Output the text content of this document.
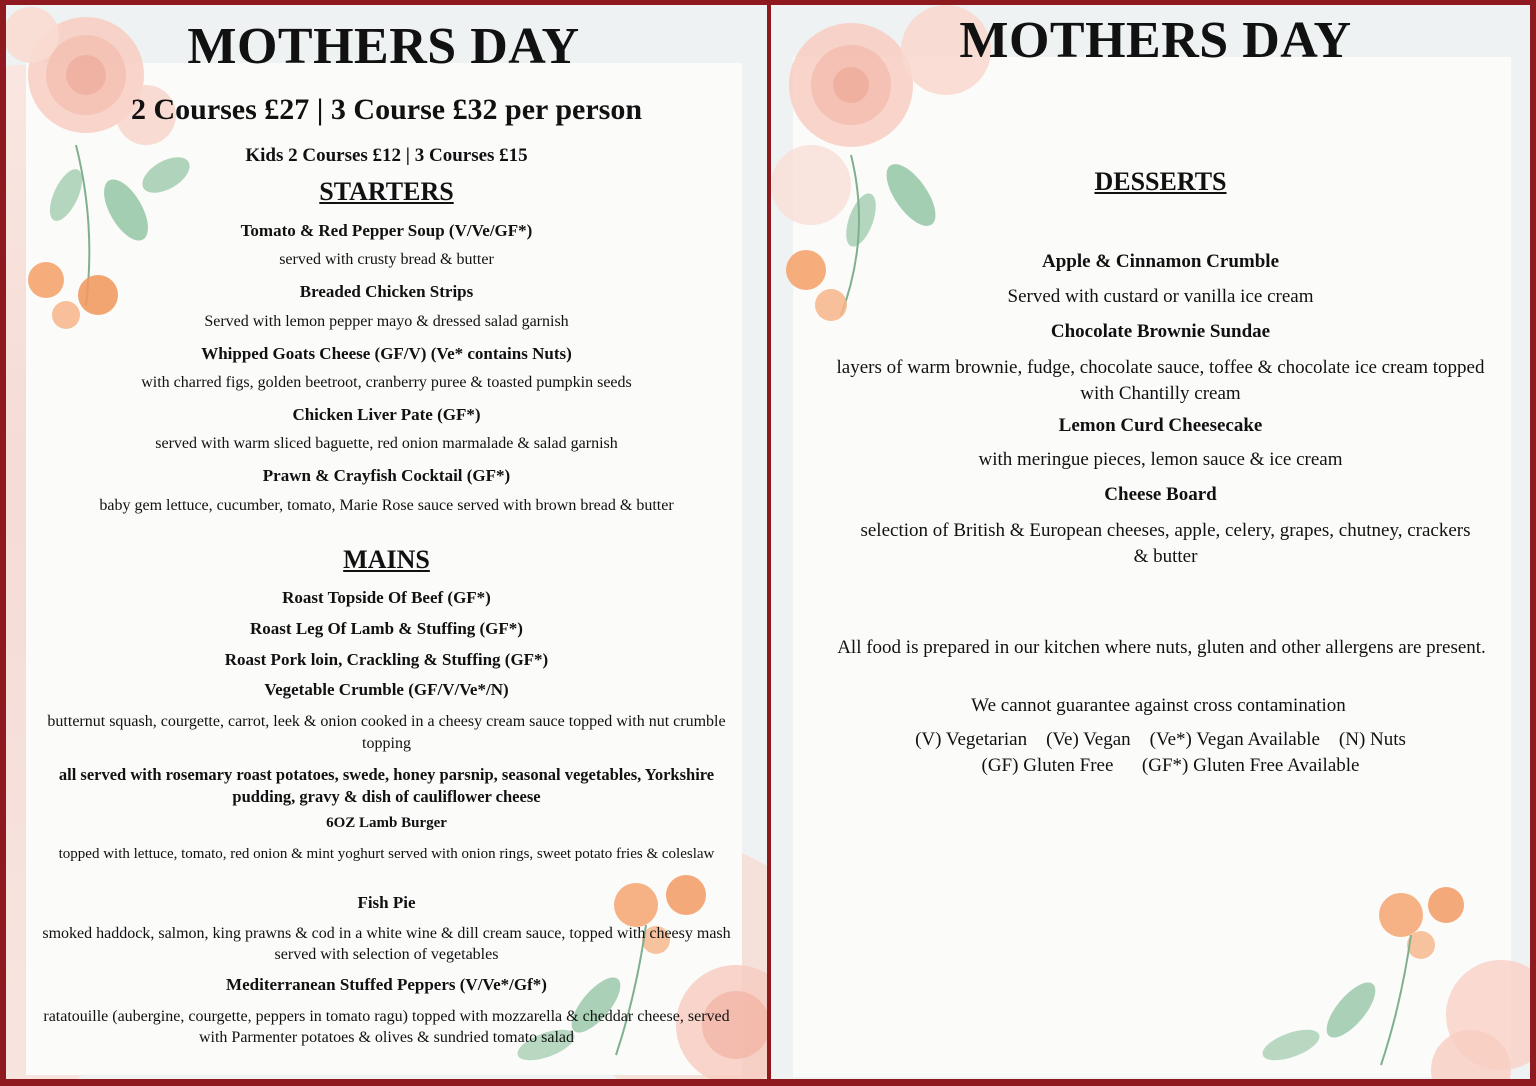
MOTHERS DAY
2 Courses £27 | 3 Course £32 per person
Kids 2 Courses £12 | 3 Courses £15
STARTERS
Tomato & Red Pepper Soup (V/Ve/GF*)
served with crusty bread & butter
Breaded Chicken Strips
Served with lemon pepper mayo & dressed salad garnish
Whipped Goats Cheese (GF/V) (Ve* contains Nuts)
with charred figs, golden beetroot, cranberry puree & toasted pumpkin seeds
Chicken Liver Pate (GF*)
served with warm sliced baguette, red onion marmalade & salad garnish
Prawn & Crayfish Cocktail (GF*)
baby gem lettuce, cucumber, tomato, Marie Rose sauce served with brown bread & butter
MAINS
Roast Topside Of Beef (GF*)
Roast Leg Of Lamb & Stuffing (GF*)
Roast Pork loin, Crackling & Stuffing (GF*)
Vegetable Crumble (GF/V/Ve*/N)
butternut squash, courgette, carrot, leek & onion cooked in a cheesy cream sauce topped with nut crumble topping
all served with rosemary roast potatoes, swede, honey parsnip, seasonal vegetables, Yorkshire pudding, gravy & dish of cauliflower cheese
6OZ Lamb Burger
topped with lettuce, tomato, red onion & mint yoghurt served with onion rings, sweet potato fries & coleslaw
Fish Pie
smoked haddock, salmon, king prawns & cod in a white wine & dill cream sauce, topped with cheesy mash served with selection of vegetables
Mediterranean Stuffed Peppers (V/Ve*/Gf*)
ratatouille (aubergine, courgette, peppers in tomato ragu) topped with mozzarella & cheddar cheese, served with Parmenter potatoes & olives & sundried tomato salad
MOTHERS DAY
DESSERTS
Apple & Cinnamon Crumble
Served with custard or vanilla ice cream
Chocolate Brownie Sundae
layers of warm brownie, fudge, chocolate sauce, toffee & chocolate ice cream topped with Chantilly cream
Lemon Curd Cheesecake
with meringue pieces, lemon sauce & ice cream
Cheese Board
selection of British & European cheeses, apple, celery, grapes, chutney, crackers & butter
All food is prepared in our kitchen where nuts, gluten and other allergens are present.
We cannot guarantee against cross contamination
(V) Vegetarian    (Ve) Vegan    (Ve*) Vegan Available    (N) Nuts
(GF) Gluten Free      (GF*) Gluten Free Available
